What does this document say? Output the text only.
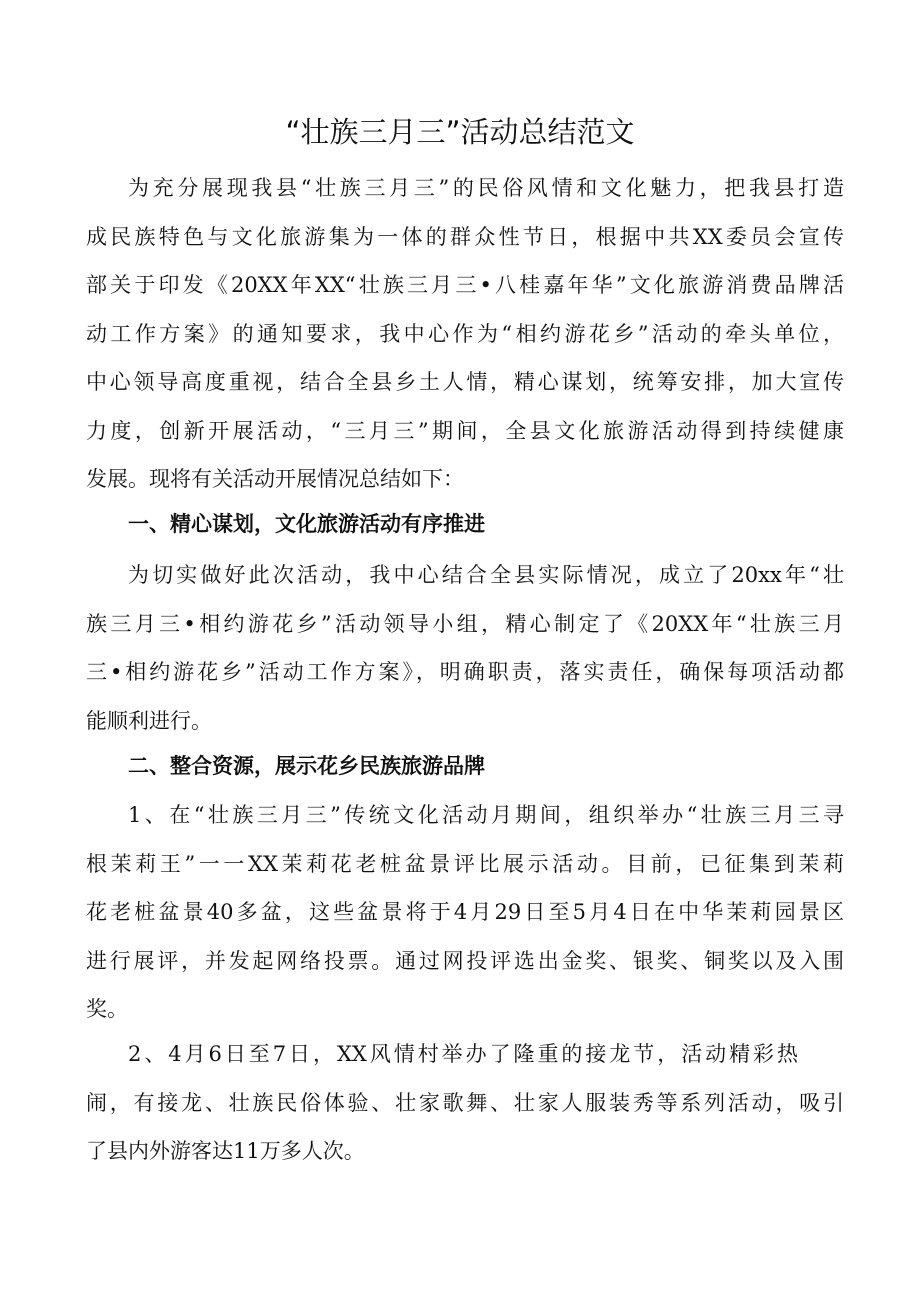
“壮族三月三”活动总结范文
为充分展现我县“壮族三月三”的民俗风情和文化魅力，把我县打造
成民族特色与文化旅游集为一体的群众性节日，根据中共XX委员会宣传
部关于印发《20XX年XX“壮族三月三•八桂嘉年华”文化旅游消费品牌活
动工作方案》的通知要求，我中心作为“相约游花乡”活动的牵头单位，
中心领导高度重视，结合全县乡土人情，精心谋划，统筹安排，加大宣传
力度，创新开展活动，“三月三”期间，全县文化旅游活动得到持续健康
发展。现将有关活动开展情况总结如下：
一、精心谋划，文化旅游活动有序推进
为切实做好此次活动，我中心结合全县实际情况，成立了20xx年“壮
族三月三•相约游花乡”活动领导小组，精心制定了《20XX年“壮族三月
三•相约游花乡”活动工作方案》，明确职责，落实责任，确保每项活动都
能顺利进行。
二、整合资源，展示花乡民族旅游品牌
1、在“壮族三月三”传统文化活动月期间，组织举办“壮族三月三寻
根茉莉王”一一XX茉莉花老桩盆景评比展示活动。目前，已征集到茉莉
花老桩盆景40多盆，这些盆景将于4月29日至5月4日在中华茉莉园景区
进行展评，并发起网络投票。通过网投评选出金奖、银奖、铜奖以及入围
奖。
2、4月6日至7日，XX风情村举办了隆重的接龙节，活动精彩热
闹，有接龙、壮族民俗体验、壮家歌舞、壮家人服装秀等系列活动，吸引
了县内外游客达11万多人次。
